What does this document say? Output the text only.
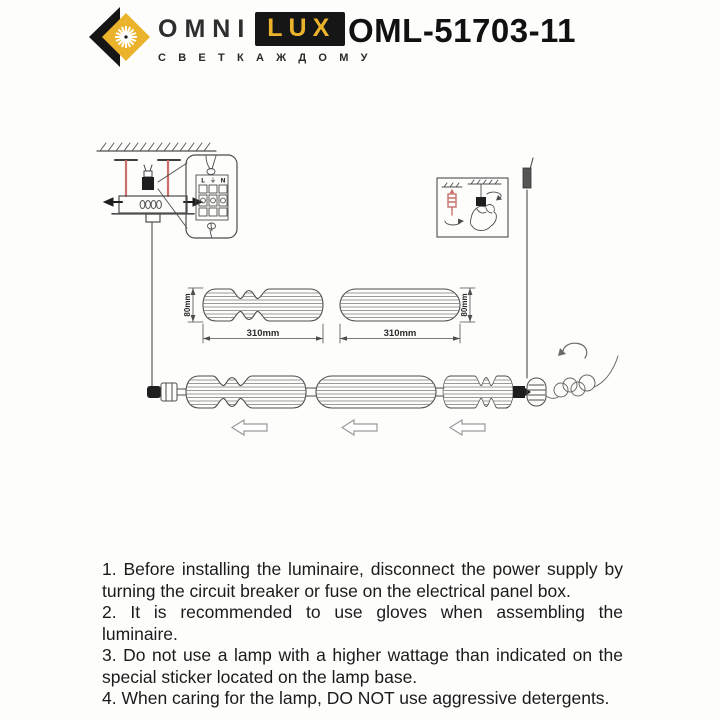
OMNI LUX
С В Е Т К А Ж Д О М У
OML-51703-11
L ⏚ N
310mm	310mm
80mm	80mm

1. Before installing the luminaire, disconnect the power supply by turning the circuit breaker or fuse on the electrical panel box.

2. It is recommended to use gloves when assembling the luminaire.

3. Do not use a lamp with a higher wattage than indicated on the special sticker located on the lamp base.

4. When caring for the lamp, DO NOT use aggressive detergents.
